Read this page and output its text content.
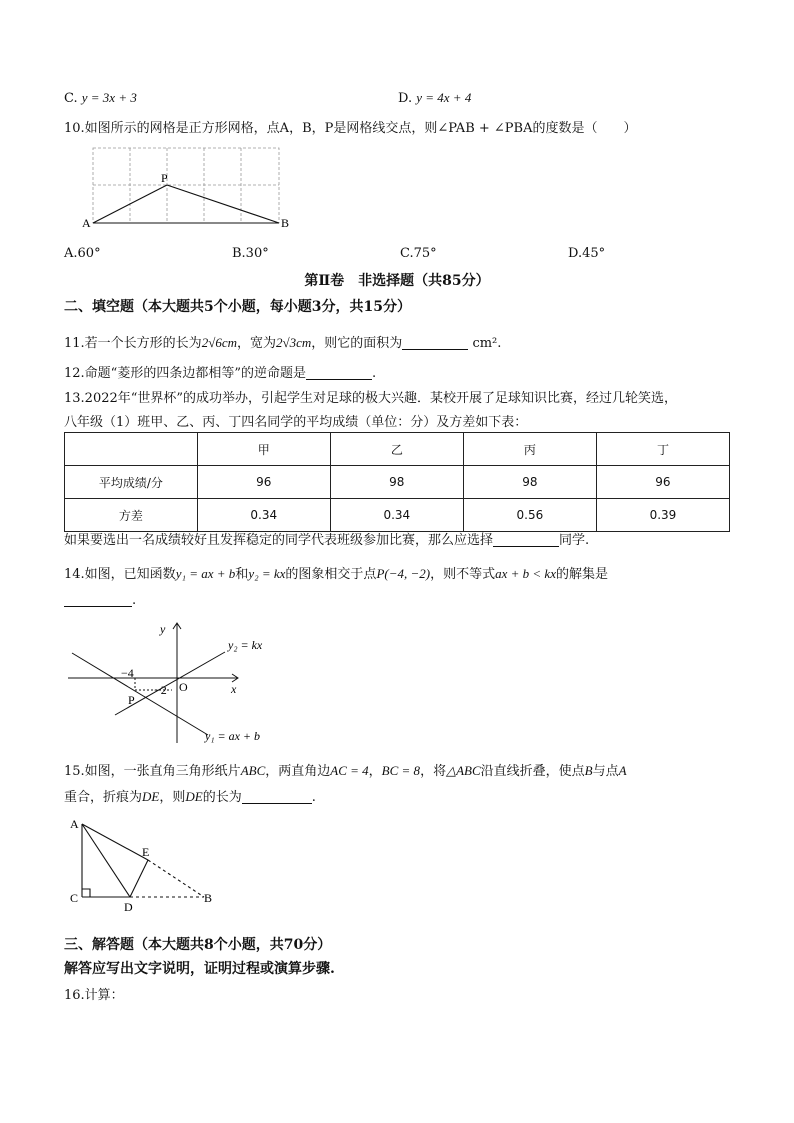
C. y = 3x + 3	D. y = 4x + 4
10.如图所示的网格是正方形网格，点A，B，P是网格线交点，则∠PAB + ∠PBA的度数是（　　）
A	B
P
A.60°	B.30°	C.75°	D.45°
第Ⅱ卷　非选择题（共85分）
二、填空题（本大题共5个小题，每小题3分，共15分）
11.若一个长方形的长为2√6cm，宽为2√3cm，则它的面积为	cm².
12.命题“菱形的四条边都相等”的逆命题是	.
13.2022年“世界杯”的成功举办，引起学生对足球的极大兴趣．某校开展了足球知识比赛，经过几轮笑选，
八年级（1）班甲、乙、丙、丁四名同学的平均成绩（单位：分）及方差如下表：
	甲	乙	丙	丁
平均成绩/分	96	98	98	96
方差	0.34	0.34	0.56	0.39
如果要选出一名成绩较好且发挥稳定的同学代表班级参加比赛，那么应选择	同学.
14.如图，已知函数y₁ = ax + b和y₂ = kx的图象相交于点P(−4, −2)，则不等式ax + b < kx的解集是
.
y
x
O
−4
−2
P
y₂ = kx
y₁ = ax + b
15.如图，一张直角三角形纸片ABC，两直角边AC = 4，BC = 8，将△ABC沿直线折叠，使点B与点A
重合，折痕为DE，则DE的长为	.
A
C
D
E
B
三、解答题（本大题共8个小题，共70分）
解答应写出文字说明，证明过程或演算步骤.
16.计算：
